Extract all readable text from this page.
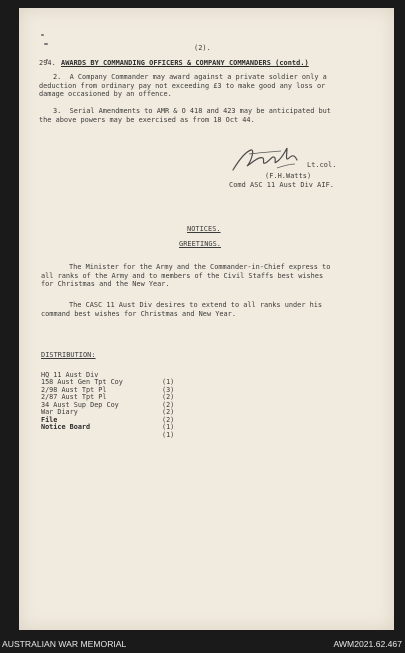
(2).
294. AWARDS BY COMMANDING OFFICERS & COMPANY COMMANDERS (contd.)
2.  A Company Commander may award against a private soldier only a
deduction from ordinary pay not exceeding £3 to make good any loss or
damage occasioned by an offence.
3.  Serial Amendments to AMR & O 418 and 423 may be anticipated but
the above powers may be exercised as from 18 Oct 44.
Lt.col.
(F.H.Watts)
Comd ASC 11 Aust Div AIF.
NOTICES.
GREETINGS.
The Minister for the Army and the Commander-in-Chief express to
all ranks of the Army and to members of the Civil Staffs best wishes
for Christmas and the New Year.
The CASC 11 Aust Div desires to extend to all ranks under his
command best wishes for Christmas and New Year.
DISTRIBUTION:

HQ 11 Aust Div

(1)

158 Aust Gen Tpt Coy

(3)

2/98 Aust Tpt Pl

(2)

2/87 Aust Tpt Pl

(2)

34 Aust Sup Dep Coy

(2)

War Diary

(2)

File

(1)

Notice Board

(1)

AUSTRALIAN WAR MEMORIAL	AWM2021.62.467
